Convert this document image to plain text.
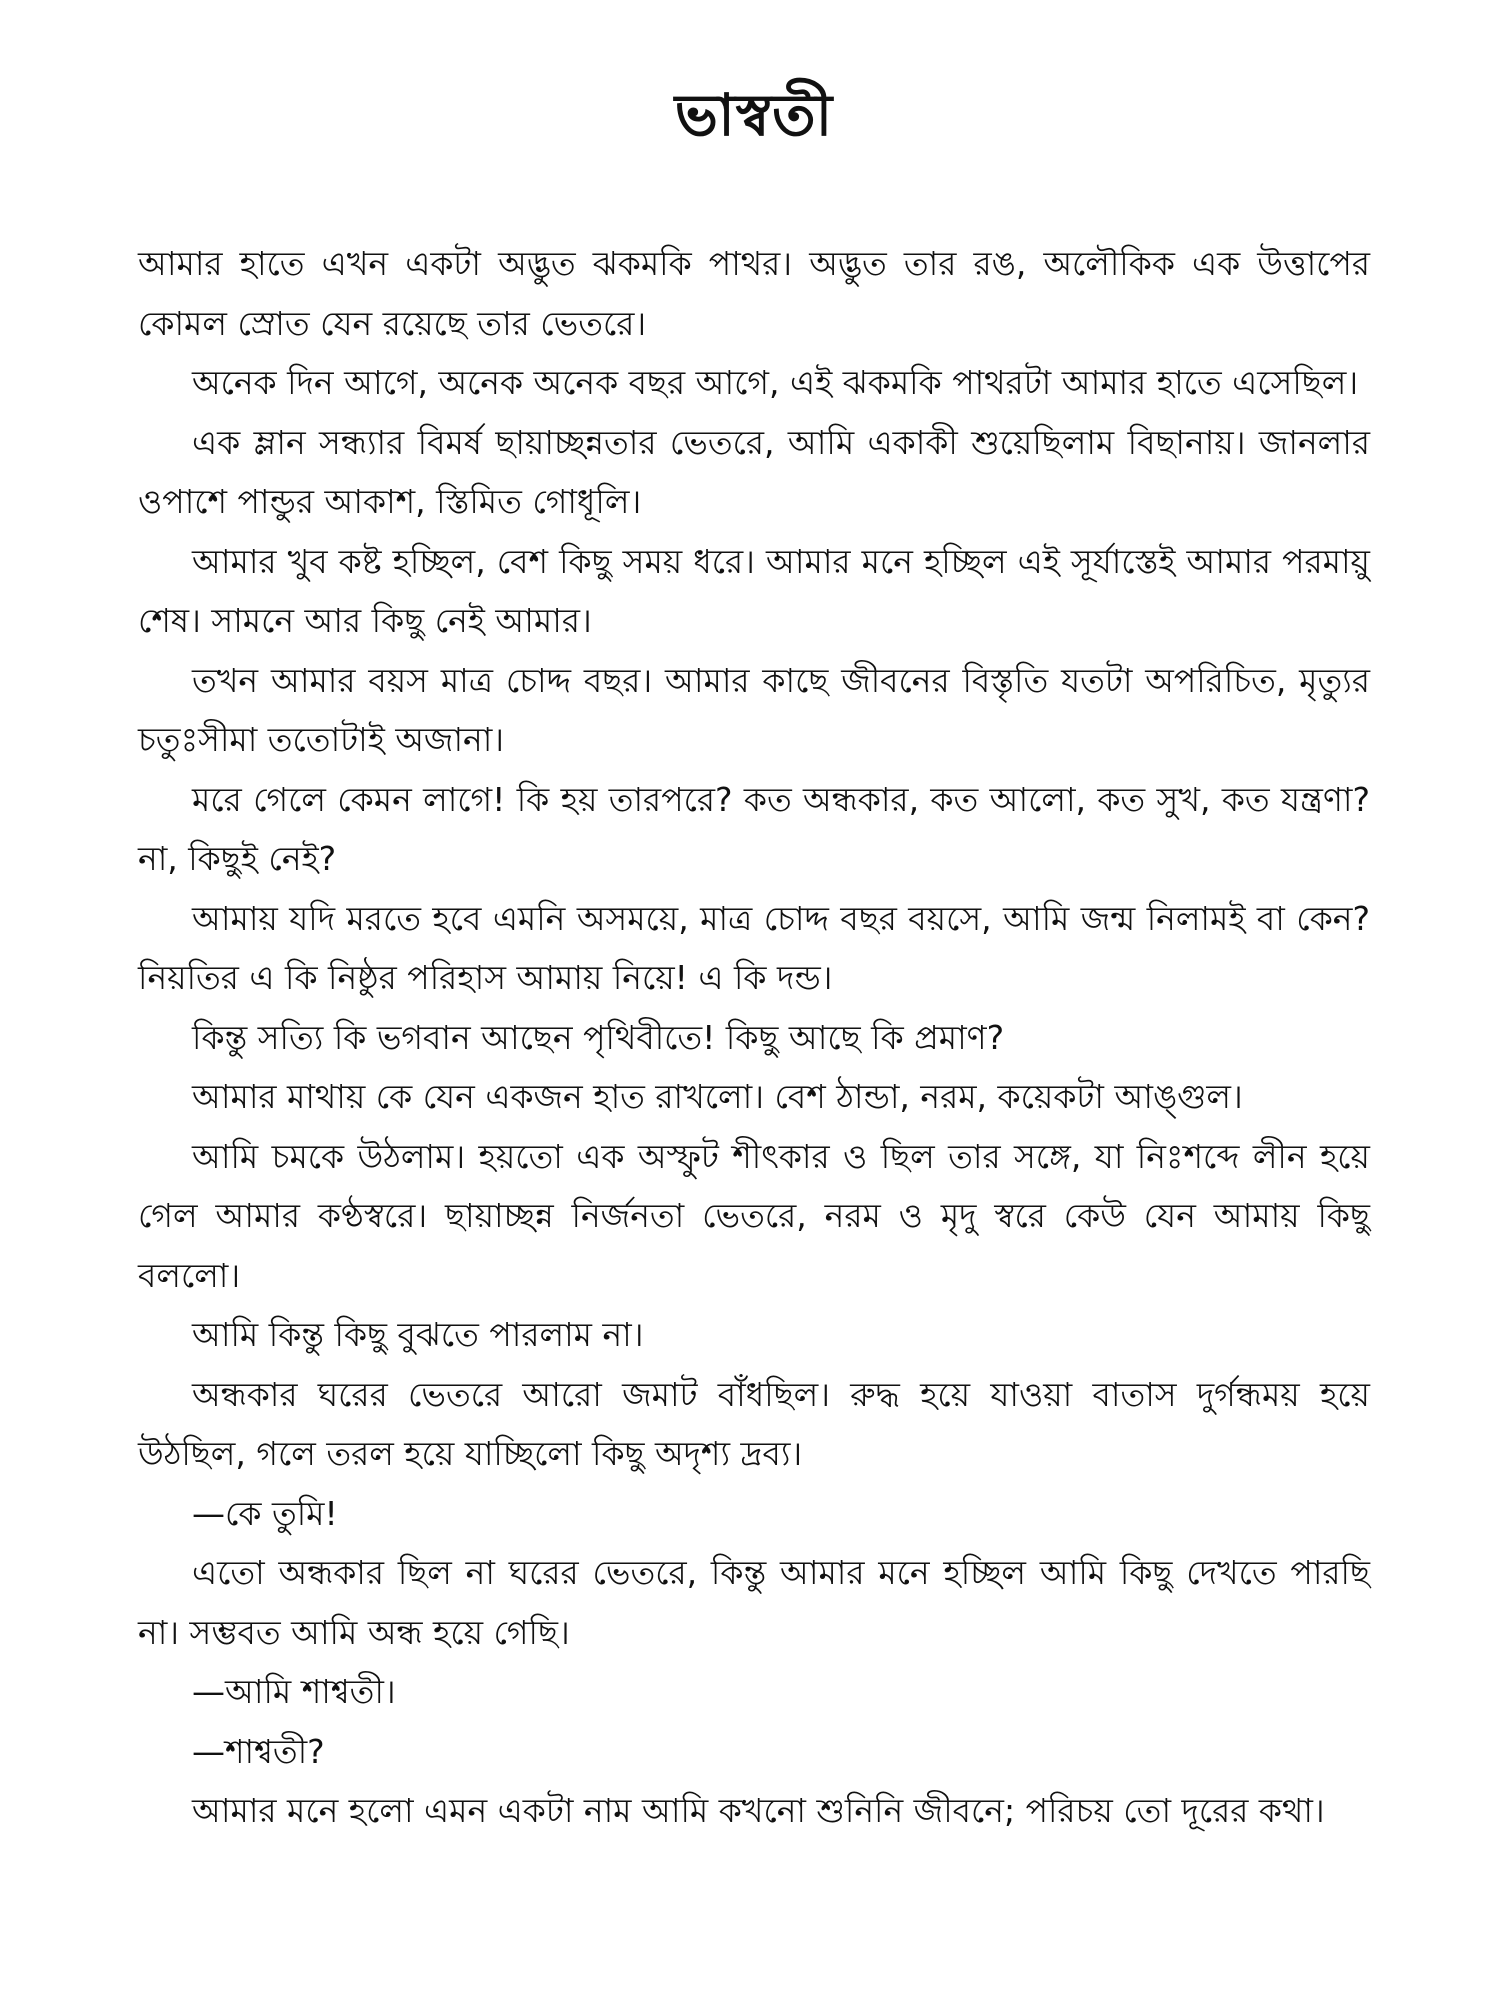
ভাস্বতী

আমার হাতে এখন একটা অদ্ভুত ঝকমকি পাথর। অদ্ভুত তার রঙ, অলৌকিক এক উত্তাপের কোমল স্রোত যেন রয়েছে তার ভেতরে।

অনেক দিন আগে, অনেক অনেক বছর আগে, এই ঝকমকি পাথরটা আমার হাতে এসেছিল।

এক ম্লান সন্ধ্যার বিমর্ষ ছায়াচ্ছন্নতার ভেতরে, আমি একাকী শুয়েছিলাম বিছানায়। জানলার ওপাশে পান্ডুর আকাশ, স্তিমিত গোধূলি।

আমার খুব কষ্ট হচ্ছিল, বেশ কিছু সময় ধরে। আমার মনে হচ্ছিল এই সূর্যাস্তেই আমার পরমায়ু শেষ। সামনে আর কিছু নেই আমার।

তখন আমার বয়স মাত্র চোদ্দ বছর। আমার কাছে জীবনের বিস্তৃতি যতটা অপরিচিত, মৃত্যুর চতুঃসীমা ততোটাই অজানা।

মরে গেলে কেমন লাগে! কি হয় তারপরে? কত অন্ধকার, কত আলো, কত সুখ, কত যন্ত্রণা? না, কিছুই নেই?

আমায় যদি মরতে হবে এমনি অসময়ে, মাত্র চোদ্দ বছর বয়সে, আমি জন্ম নিলামই বা কেন? নিয়তির এ কি নিষ্ঠুর পরিহাস আমায় নিয়ে! এ কি দন্ড।

কিন্তু সত্যি কি ভগবান আছেন পৃথিবীতে! কিছু আছে কি প্রমাণ?

আমার মাথায় কে যেন একজন হাত রাখলো। বেশ ঠান্ডা, নরম, কয়েকটা আঙ্গুল।

আমি চমকে উঠলাম। হয়তো এক অস্ফুট শীৎকার ও ছিল তার সঙ্গে, যা নিঃশব্দে লীন হয়ে গেল আমার কণ্ঠস্বরে। ছায়াচ্ছন্ন নির্জনতা ভেতরে, নরম ও মৃদু স্বরে কেউ যেন আমায় কিছু বললো।

আমি কিন্তু কিছু বুঝতে পারলাম না।

অন্ধকার ঘরের ভেতরে আরো জমাট বাঁধছিল। রুদ্ধ হয়ে যাওয়া বাতাস দুর্গন্ধময় হয়ে উঠছিল, গলে তরল হয়ে যাচ্ছিলো কিছু অদৃশ্য দ্রব্য।

—কে তুমি!

এতো অন্ধকার ছিল না ঘরের ভেতরে, কিন্তু আমার মনে হচ্ছিল আমি কিছু দেখতে পারছি না। সম্ভবত আমি অন্ধ হয়ে গেছি।

—আমি শাশ্বতী।

—শাশ্বতী?

আমার মনে হলো এমন একটা নাম আমি কখনো শুনিনি জীবনে; পরিচয় তো দূরের কথা।
